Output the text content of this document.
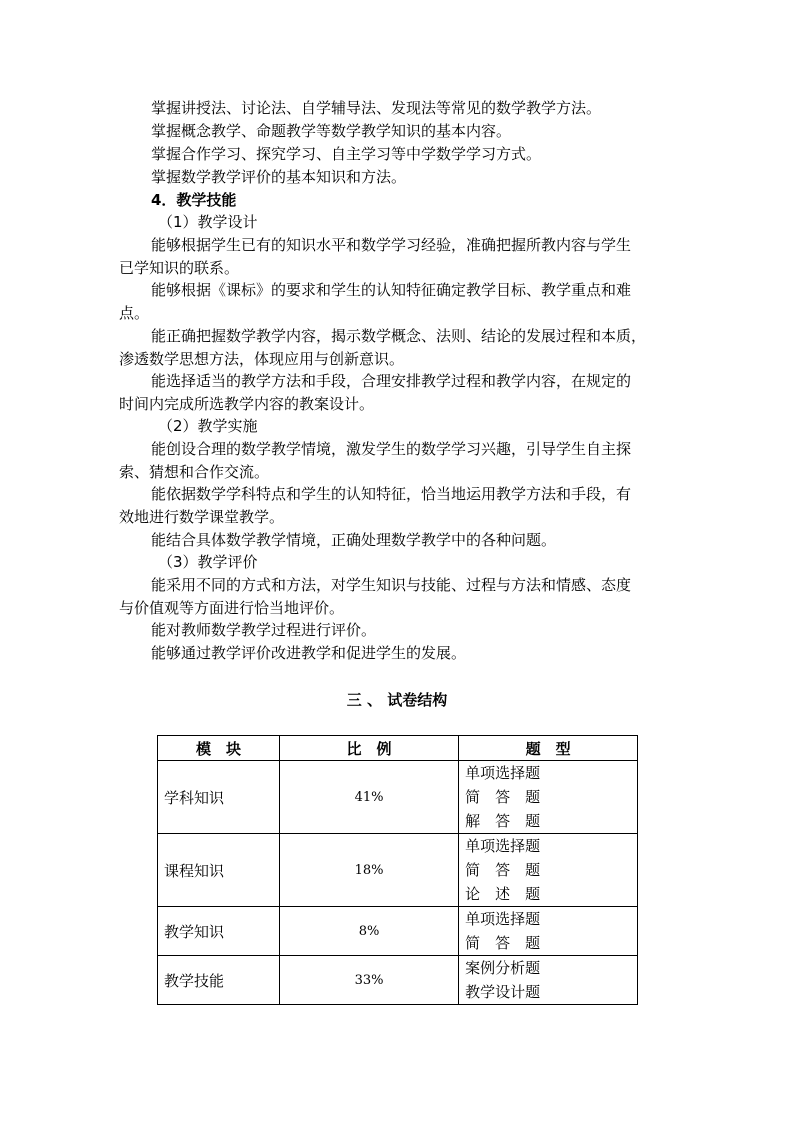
掌握讲授法、讨论法、自学辅导法、发现法等常见的数学教学方法。
掌握概念教学、命题教学等数学教学知识的基本内容。
掌握合作学习、探究学习、自主学习等中学数学学习方式。
掌握数学教学评价的基本知识和方法。
4．教学技能
（1）教学设计
能够根据学生已有的知识水平和数学学习经验，准确把握所教内容与学生
已学知识的联系。
能够根据《课标》的要求和学生的认知特征确定教学目标、教学重点和难
点。
能正确把握数学教学内容，揭示数学概念、法则、结论的发展过程和本质，
渗透数学思想方法，体现应用与创新意识。
能选择适当的教学方法和手段，合理安排教学过程和教学内容，在规定的
时间内完成所选教学内容的教案设计。
（2）教学实施
能创设合理的数学教学情境，激发学生的数学学习兴趣，引导学生自主探
索、猜想和合作交流。
能依据数学学科特点和学生的认知特征，恰当地运用教学方法和手段，有
效地进行数学课堂教学。
能结合具体数学教学情境，正确处理数学教学中的各种问题。
（3）教学评价
能采用不同的方式和方法，对学生知识与技能、过程与方法和情感、态度
与价值观等方面进行恰当地评价。
能对教师数学教学过程进行评价。
能够通过教学评价改进教学和促进学生的发展。
三 、 试卷结构
模　块	比　例	题　型
学科知识	41%	单项选择题
简　答　题
解　答　题

课程知识	18%	单项选择题
简　答　题
论　述　题

教学知识	8%	单项选择题
简　答　题

教学技能	33%	案例分析题
教学设计题
